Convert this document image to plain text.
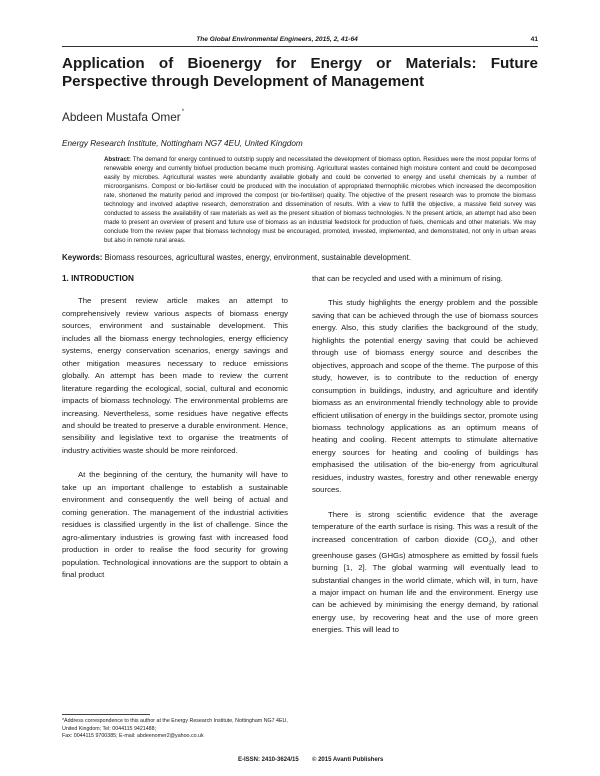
The Global Environmental Engineers, 2015, 2, 41-64	41
Application of Bioenergy for Energy or Materials: Future Perspective through Development of Management
Abdeen Mustafa Omer*
Energy Research Institute, Nottingham NG7 4EU, United Kingdom
Abstract: The demand for energy continued to outstrip supply and necessitated the development of biomass option. Residues were the most popular forms of renewable energy and currently biofuel production became much promising. Agricultural wastes contained high moisture content and could be decomposed easily by microbes. Agricultural wastes were abundantly available globally and could be converted to energy and useful chemicals by a number of microorganisms. Compost or bio-fertiliser could be produced with the inoculation of appropriated thermophilic microbes which increased the decomposition rate, shortened the maturity period and improved the compost (or bio-fertiliser) quality. The objective of the present research was to promote the biomass technology and involved adaptive research, demonstration and dissemination of results. With a view to fulfill the objective, a massive field survey was conducted to assess the availability of raw materials as well as the present situation of biomass technologies. N the present article, an attempt had also been made to present an overview of present and future use of biomass as an industrial feedstock for production of fuels, chemicals and other materials. We may conclude from the review paper that biomass technology must be encouraged, promoted, invested, implemented, and demonstrated, not only in urban areas but also in remote rural areas.
Keywords: Biomass resources, agricultural wastes, energy, environment, sustainable development.
1. INTRODUCTION

The present review article makes an attempt to comprehensively review various aspects of biomass energy sources, environment and sustainable development. This includes all the biomass energy technologies, energy efficiency systems, energy conservation scenarios, energy savings and other mitigation measures necessary to reduce emissions globally. An attempt has been made to review the current literature regarding the ecological, social, cultural and economic impacts of biomass technology. The environmental problems are increasing. Nevertheless, some residues have negative effects and should be treated to preserve a durable environment. Hence, sensibility and legislative text to organise the treatments of industry activities waste should be more reinforced.

At the beginning of the century, the humanity will have to take up an important challenge to establish a sustainable environment and consequently the well being of actual and coming generation. The management of the industrial activities residues is classified urgently in the list of challenge. Since the agro-alimentary industries is growing fast with increased food production in order to realise the food security for growing population. Technological innovations are the support to obtain a final product

that can be recycled and used with a minimum of rising.

This study highlights the energy problem and the possible saving that can be achieved through the use of biomass sources energy. Also, this study clarifies the background of the study, highlights the potential energy saving that could be achieved through use of biomass energy source and describes the objectives, approach and scope of the theme. The purpose of this study, however, is to contribute to the reduction of energy consumption in buildings, industry, and agriculture and identify biomass as an environmental friendly technology able to provide efficient utilisation of energy in the buildings sector, promote using biomass technology applications as an optimum means of heating and cooling. Recent attempts to stimulate alternative energy sources for heating and cooling of buildings has emphasised the utilisation of the bio-energy from agricultural residues, industry wastes, forestry and other renewable energy sources.

There is strong scientific evidence that the average temperature of the earth surface is rising. This was a result of the increased concentration of carbon dioxide $(CO_2)$, and other greenhouse gases (GHGs) atmosphere as emitted by fossil fuels burning [1, 2]. The global warming will eventually lead to substantial changes in the world climate, which will, in turn, have a major impact on human life and the environment. Energy use can be achieved by minimising the energy demand, by rational energy use, by recovering heat and the use of more green energies. This will lead to

*Address correspondence to this author at the Energy Research Institute, Nottingham NG7 4EU, United Kingdom; Tel: 0044115 9421488;
Fax: 0044115 9700385; E-mail: abdeenomer2@yahoo.co.uk
E-ISSN: 2410-3624/15 © 2015 Avanti Publishers
